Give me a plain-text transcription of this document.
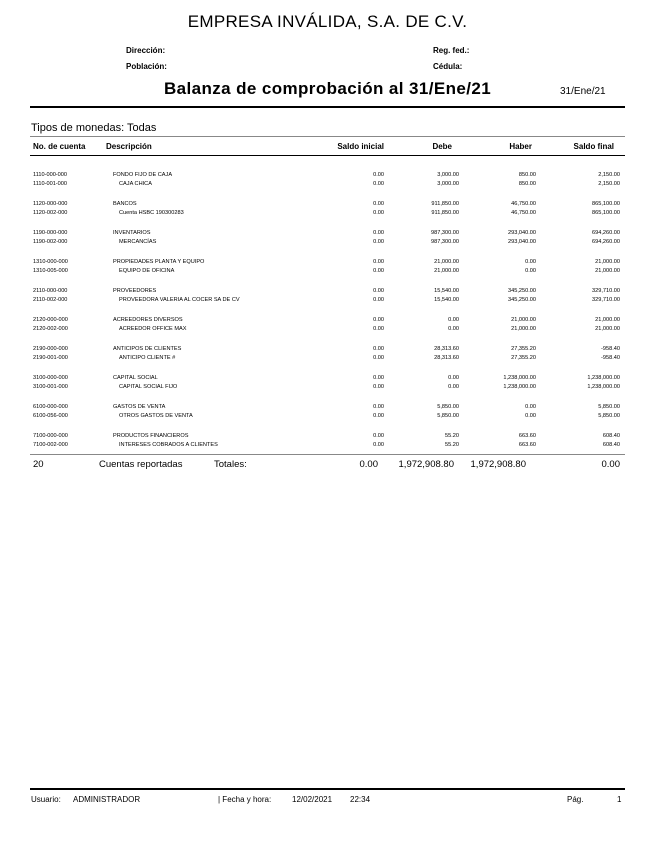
EMPRESA INVÁLIDA, S.A. DE C.V.
Dirección:
Población:
Reg. fed.:
Cédula:
Balanza de comprobación al 31/Ene/21	31/Ene/21
Tipos de monedas: Todas
No. de cuenta	Descripción	Saldo inicial	Debe	Haber	Saldo final
1110-000-000	FONDO FIJO DE CAJA	0.00	3,000.00	850.00	2,150.00
1110-001-000	CAJA CHICA	0.00	3,000.00	850.00	2,150.00
1120-000-000	BANCOS	0.00	911,850.00	46,750.00	865,100.00
1120-002-000	Cuenta HSBC 190300283	0.00	911,850.00	46,750.00	865,100.00
1190-000-000	INVENTARIOS	0.00	987,300.00	293,040.00	694,260.00
1190-002-000	MERCANCÍAS	0.00	987,300.00	293,040.00	694,260.00
1310-000-000	PROPIEDADES PLANTA Y EQUIPO	0.00	21,000.00	0.00	21,000.00
1310-005-000	EQUIPO DE OFICINA	0.00	21,000.00	0.00	21,000.00
2110-000-000	PROVEEDORES	0.00	15,540.00	345,250.00	329,710.00
2110-002-000	PROVEEDORA VALERIA AL COCER SA DE CV	0.00	15,540.00	345,250.00	329,710.00
2120-000-000	ACREEDORES DIVERSOS	0.00	0.00	21,000.00	21,000.00
2120-002-000	ACREEDOR OFFICE MAX	0.00	0.00	21,000.00	21,000.00
2190-000-000	ANTICIPOS DE CLIENTES	0.00	28,313.60	27,355.20	-958.40
2190-001-000	ANTICIPO CLIENTE #	0.00	28,313.60	27,355.20	-958.40
3100-000-000	CAPITAL SOCIAL	0.00	0.00	1,238,000.00	1,238,000.00
3100-001-000	CAPITAL SOCIAL FIJO	0.00	0.00	1,238,000.00	1,238,000.00
6100-000-000	GASTOS DE VENTA	0.00	5,850.00	0.00	5,850.00
6100-056-000	OTROS GASTOS DE VENTA	0.00	5,850.00	0.00	5,850.00
7100-000-000	PRODUCTOS FINANCIEROS	0.00	55.20	663.60	608.40
7100-002-000	INTERESES COBRADOS A CLIENTES	0.00	55.20	663.60	608.40
20	Cuentas reportadas	Totales:	0.00	1,972,908.80	1,972,908.80	0.00
Usuario: ADMINISTRADOR	| Fecha y hora:	12/02/2021 22:34	Pág.	1
